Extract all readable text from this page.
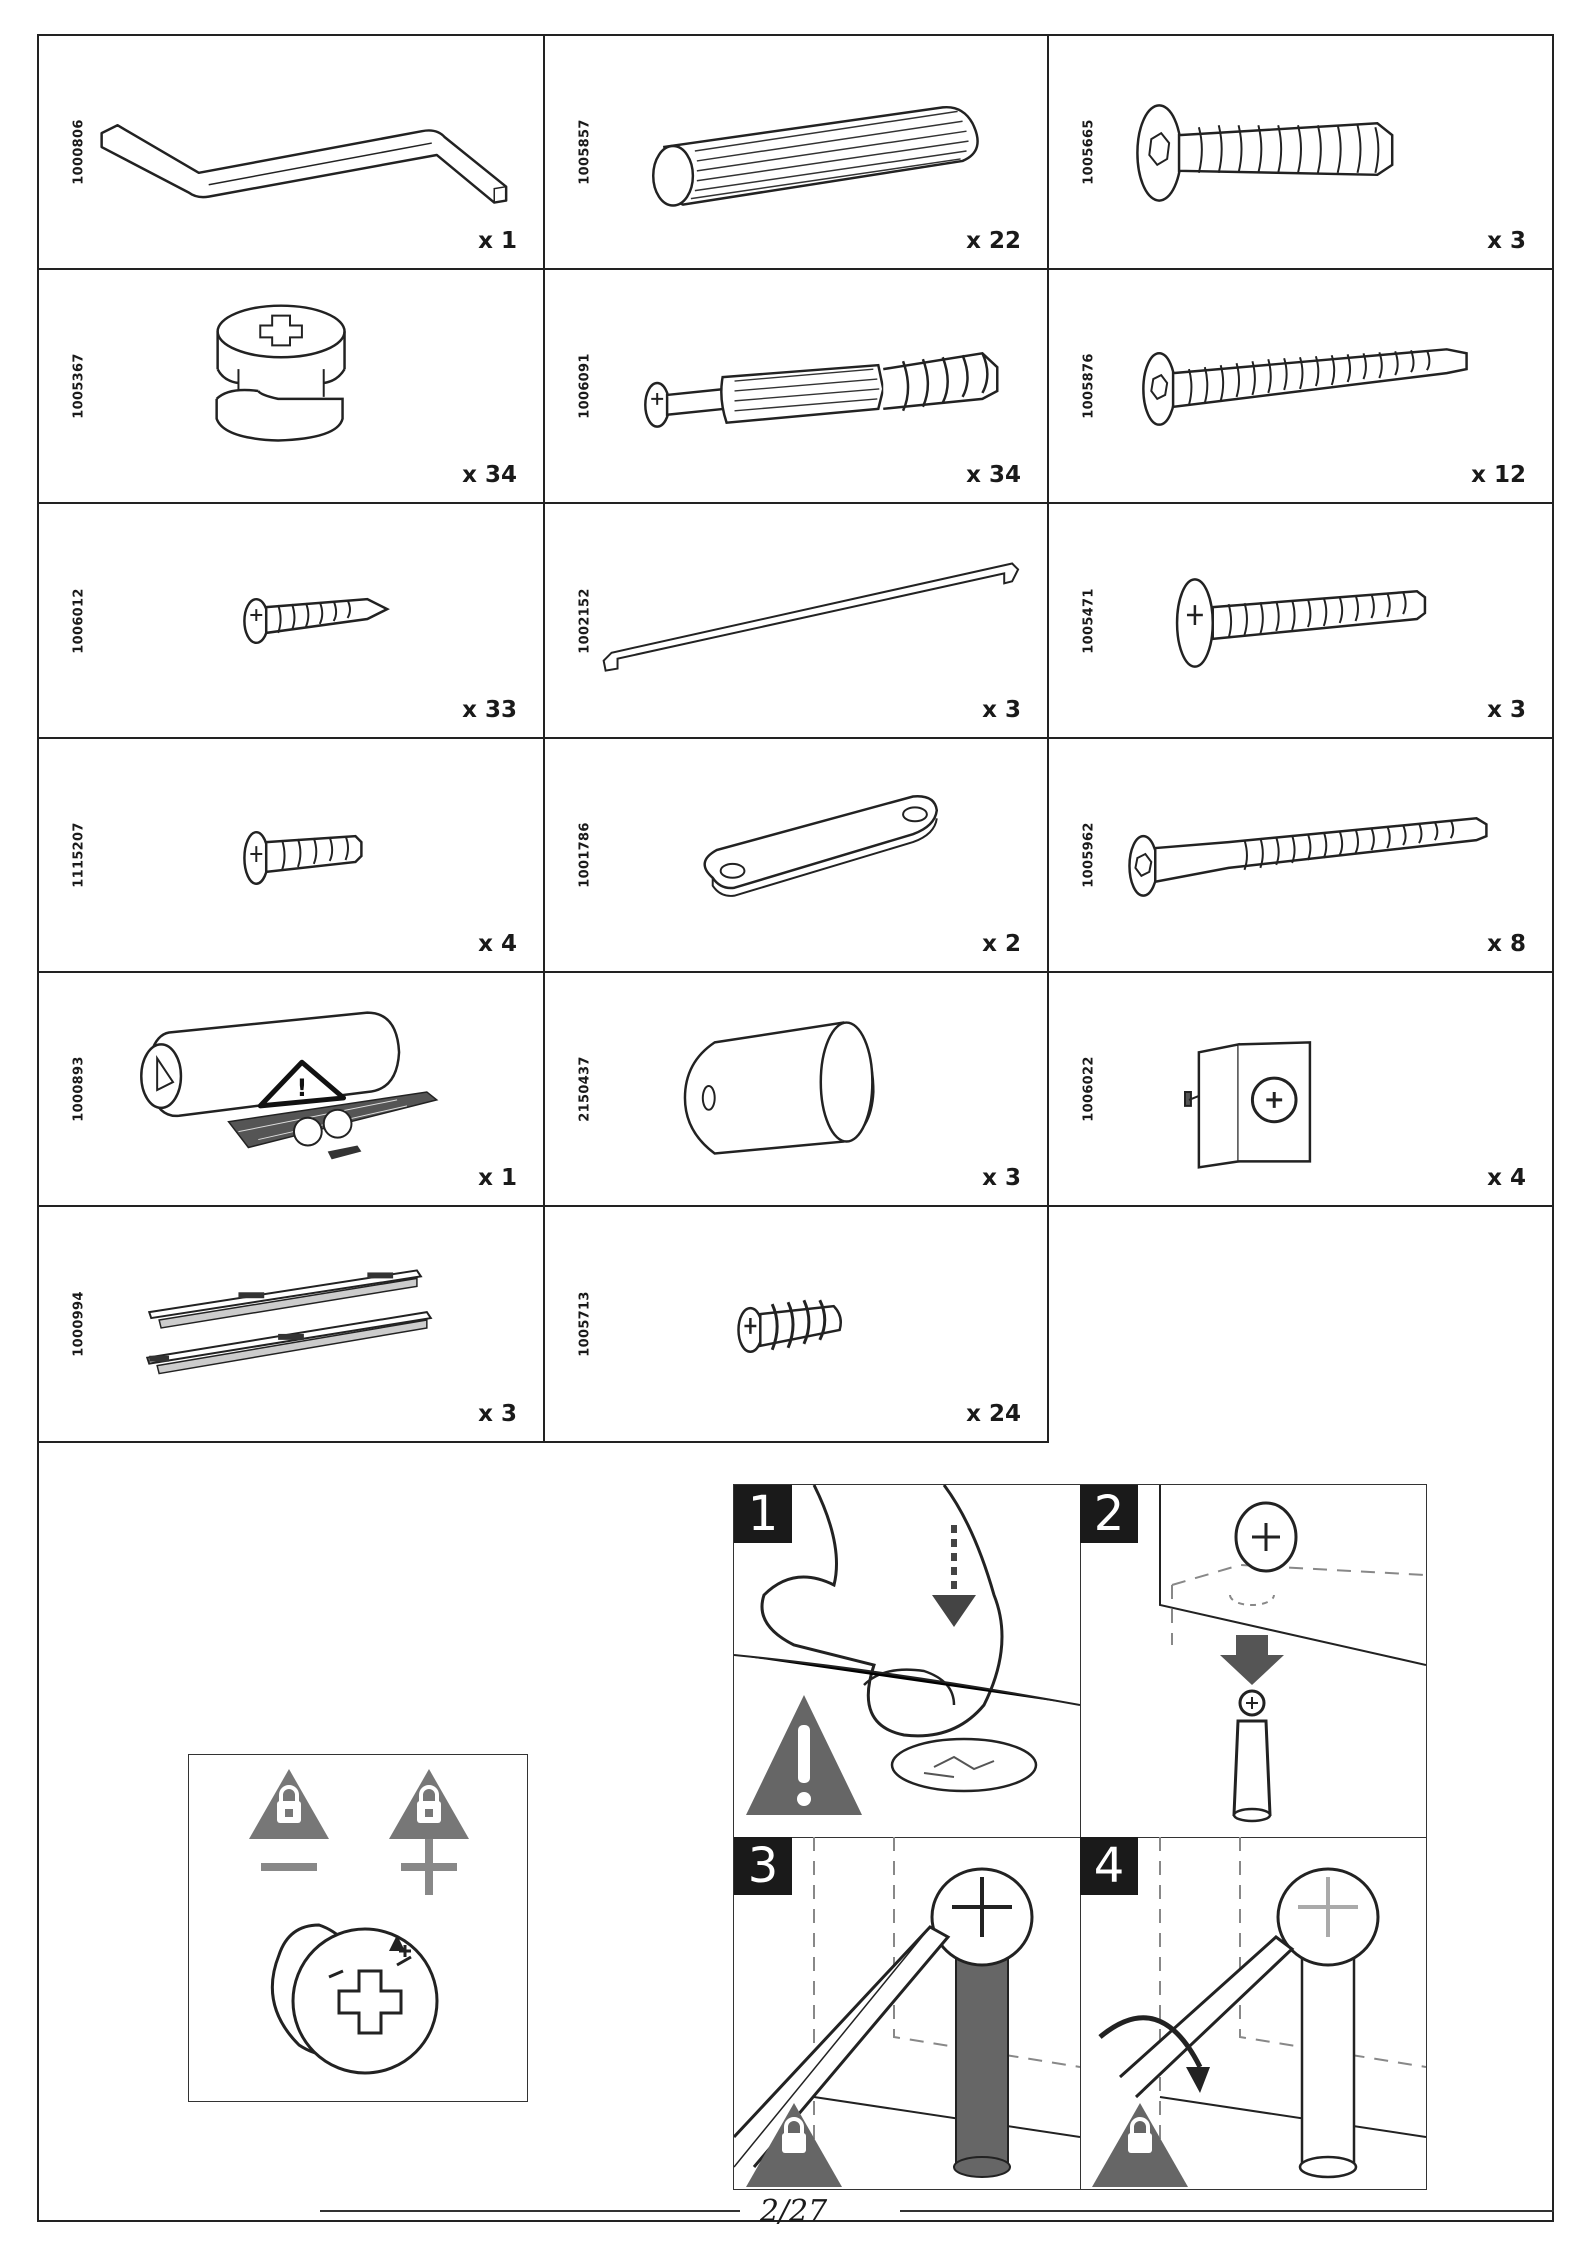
1000806
x 1
1005857
x 22
1005665
x 3
1005367
x 34
1006091
x 34
1005876
x 12
1006012
x 33
1002152
x 3
1005471
x 3
1115207
x 4
1001786
x 2
1005962
x 8
1000893	!
x 1
2150437
x 3
1006022
x 4
1000994
x 3
1005713
x 24
1	2
3	4
2/27
